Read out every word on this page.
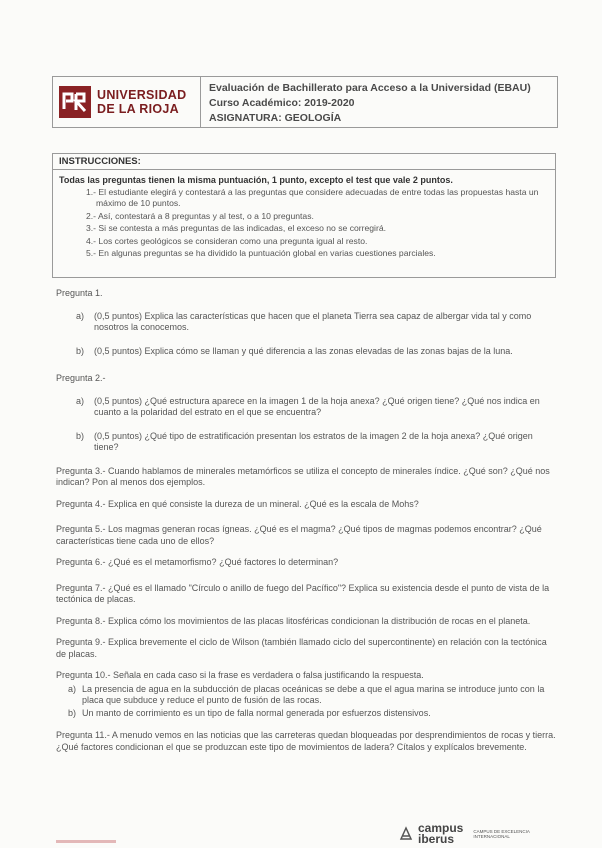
UNIVERSIDAD
DE LA RIOJA
Evaluación de Bachillerato para Acceso a la Universidad (EBAU)
Curso Académico: 2019-2020
ASIGNATURA: GEOLOGÍA
INSTRUCCIONES:
Todas las preguntas tienen la misma puntuación, 1 punto, excepto el test que vale 2 puntos.
1.- El estudiante elegirá y contestará a las preguntas que considere adecuadas de entre todas las propuestas hasta un máximo de 10 puntos.
2.- Así, contestará a 8 preguntas y al test, o a 10 preguntas.
3.- Si se contesta a más preguntas de las indicadas, el exceso no se corregirá.
4.- Los cortes geológicos se consideran como una pregunta igual al resto.
5.- En algunas preguntas se ha dividido la puntuación global en varias cuestiones parciales.
Pregunta 1.
a)	(0,5 puntos) Explica las características que hacen que el planeta Tierra sea capaz de albergar vida tal y como nosotros la conocemos.
b)	(0,5 puntos) Explica cómo se llaman y qué diferencia a las zonas elevadas de las zonas bajas de la luna.
Pregunta 2.-
a)	(0,5 puntos) ¿Qué estructura aparece en la imagen 1 de la hoja anexa? ¿Qué origen tiene? ¿Qué nos indica en cuanto a la polaridad del estrato en el que se encuentra?
b)	(0,5 puntos) ¿Qué tipo de estratificación presentan los estratos de la imagen 2 de la hoja anexa? ¿Qué origen tiene?
Pregunta 3.- Cuando hablamos de minerales metamórficos se utiliza el concepto de minerales índice. ¿Qué son? ¿Qué nos indican? Pon al menos dos ejemplos.
Pregunta 4.- Explica en qué consiste la dureza de un mineral. ¿Qué es la escala de Mohs?
Pregunta 5.- Los magmas generan rocas ígneas. ¿Qué es el magma? ¿Qué tipos de magmas podemos encontrar? ¿Qué características tiene cada uno de ellos?
Pregunta 6.- ¿Qué es el metamorfismo? ¿Qué factores lo determinan?
Pregunta 7.- ¿Qué es el llamado "Círculo o anillo de fuego del Pacífico"? Explica su existencia desde el punto de vista de la tectónica de placas.
Pregunta 8.- Explica cómo los movimientos de las placas litosféricas condicionan la distribución de rocas en el planeta.
Pregunta 9.- Explica brevemente el ciclo de Wilson (también llamado ciclo del supercontinente) en relación con la tectónica de placas.
Pregunta 10.- Señala en cada caso si la frase es verdadera o falsa justificando la respuesta.
a) La presencia de agua en la subducción de placas oceánicas se debe a que el agua marina se introduce junto con la placa que subduce y reduce el punto de fusión de las rocas.
b) Un manto de corrimiento es un tipo de falla normal generada por esfuerzos distensivos.
Pregunta 11.- A menudo vemos en las noticias que las carreteras quedan bloqueadas por desprendimientos de rocas y tierra. ¿Qué factores condicionan el que se produzcan este tipo de movimientos de ladera? Cítalos y explícalos brevemente.
campus
iberus
CAMPUS DE EXCELENCIA INTERNACIONAL
